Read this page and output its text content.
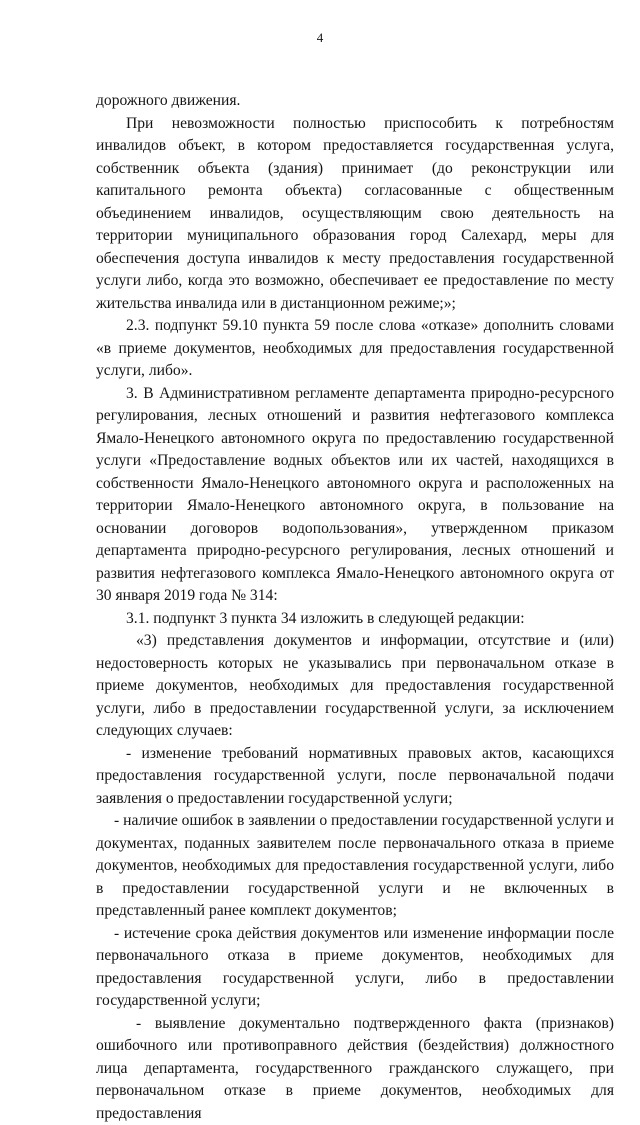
4

дорожного движения.

При невозможности полностью приспособить к потребностям инвалидов объект, в котором предоставляется государственная услуга, собственник объекта (здания) принимает (до реконструкции или капитального ремонта объекта) согласованные с общественным объединением инвалидов, осуществляющим свою деятельность на территории муниципального образования город Салехард, меры для обеспечения доступа инвалидов к месту предоставления государственной услуги либо, когда это возможно, обеспечивает ее предоставление по месту жительства инвалида или в дистанционном режиме;»;

2.3. подпункт 59.10 пункта 59 после слова «отказе» дополнить словами «в приеме документов, необходимых для предоставления государственной услуги, либо».

3. В Административном регламенте департамента природно-ресурсного регулирования, лесных отношений и развития нефтегазового комплекса Ямало-Ненецкого автономного округа по предоставлению государственной услуги «Предоставление водных объектов или их частей, находящихся в собственности Ямало-Ненецкого автономного округа и расположенных на территории Ямало-Ненецкого автономного округа, в пользование на основании договоров водопользования», утвержденном приказом департамента природно-ресурсного регулирования, лесных отношений и развития нефтегазового комплекса Ямало-Ненецкого автономного округа от 30 января 2019 года № 314:

3.1. подпункт 3 пункта 34 изложить в следующей редакции:

«3) представления документов и информации, отсутствие и (или) недостоверность которых не указывались при первоначальном отказе в приеме документов, необходимых для предоставления государственной услуги, либо в предоставлении государственной услуги, за исключением следующих случаев:

- изменение требований нормативных правовых актов, касающихся предоставления государственной услуги, после первоначальной подачи заявления о предоставлении государственной услуги;

- наличие ошибок в заявлении о предоставлении государственной услуги и документах, поданных заявителем после первоначального отказа в приеме документов, необходимых для предоставления государственной услуги, либо в предоставлении государственной услуги и не включенных в представленный ранее комплект документов;

- истечение срока действия документов или изменение информации после первоначального отказа в приеме документов, необходимых для предоставления государственной услуги, либо в предоставлении государственной услуги;

- выявление документально подтвержденного факта (признаков) ошибочного или противоправного действия (бездействия) должностного лица департамента, государственного гражданского служащего, при первоначальном отказе в приеме документов, необходимых для предоставления
